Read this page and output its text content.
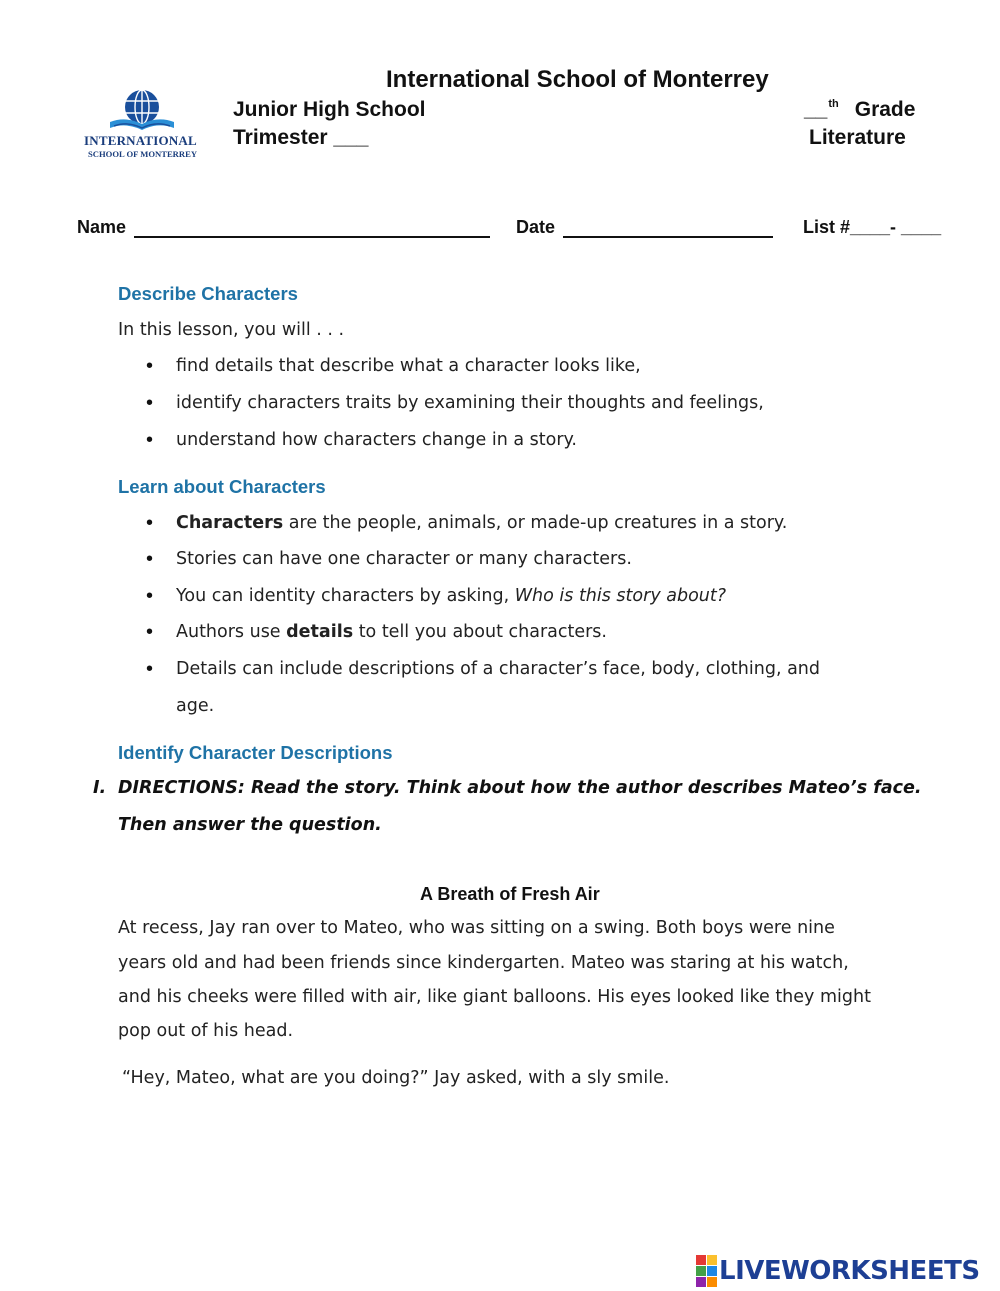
INTERNATIONAL
SCHOOL OF MONTERREY
International School of Monterrey
Junior High School
Trimester ___
__$^{th}$ Grade
Literature
Name	Date	List #____- ____
Describe Characters
In this lesson, you will . . .
• find details that describe what a character looks like,
• identify characters traits by examining their thoughts and feelings,
• understand how characters change in a story.
Learn about Characters
• Characters are the people, animals, or made-up creatures in a story.
• Stories can have one character or many characters.
• You can identity characters by asking, Who is this story about?
• Authors use details to tell you about characters.
• Details can include descriptions of a character’s face, body, clothing, and
age.
Identify Character Descriptions
I. DIRECTIONS: Read the story. Think about how the author describes Mateo’s face.
Then answer the question.
A Breath of Fresh Air
At recess, Jay ran over to Mateo, who was sitting on a swing. Both boys were nine
years old and had been friends since kindergarten. Mateo was staring at his watch,
and his cheeks were filled with air, like giant balloons. His eyes looked like they might
pop out of his head.
“Hey, Mateo, what are you doing?” Jay asked, with a sly smile.
LIVEWORKSHEETS
